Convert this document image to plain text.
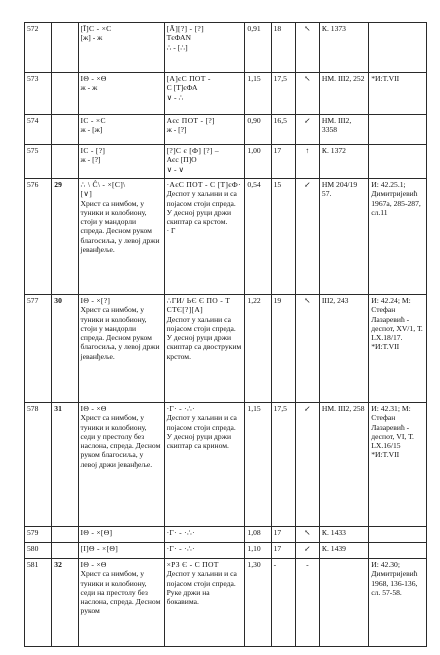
572		[Ī]C - ×C
[ж] - ж	[Ā][?] - [?]
ТєФАN
∴ - [∴]	0,91	18	↖	К. 1373	

573		IΘ - ×Θ
ж - ж	[А]єС ПОТ -
С [Т]єФА
∨ - ∴	1,15	17,5	↖	НМ. III2, 252	*И:T.VII

574		IC - ×C
ж - [ж]	Аєс ПОТ - [?]
ж - [?]	0,90	16,5	↙	НМ. III2, 3358	

575		IC - [?]
ж - [?]	[?]С є [Ф] [?] –
Аєс [П]О
∨ - ∨	1,00	17	↑	К. 1372	

576	29	∴ \ Ĉ\ - ×[C]\
[∨]
Христ са нимбом, у туники и колобиону, стоји у мандорли спреда. Десном руком благосиља, у левој држи јеванђеље.	·АєС ПОТ - С [Т]єФ·
Деспот у хаљини и са појасом стоји спреда. У десној руци држи скиптар са крстом.
· Г	0,54	15	↙	НМ 204/19 57.	И: 42.25.1; Димитријевић 1967а, 285-287, сл.11

577	30	IΘ - ×[?]
Христ са нимбом, у туники и колобиону, стоји у мандорли спреда. Десном руком благосиља, у левој држи јеванђеље.	∴ГИ/ ЬЄ Є ПО - Т СТЄ[?][А]
Деспот у хаљини са појасом стоји спреда. У десној руци држи скиптар са двоструким крстом.	1,22	19	↖	III2, 243	И: 42.24; М: Стефан Лазаревић - деспот, XV/1, Т. LX.18/17. *И:T.VII

578	31	IΘ - ×Θ
Христ са нимбом, у туники и колобиону, седи у престолу без наслона, спреда. Десном руком благосиља, у левој држи јеванђеље.	·Г· - ·∴·
Деспот у хаљини и са појасом стоји спреда. У десној руци држи скиптар са крином.	1,15	17,5	↙	НМ. III2, 258	И: 42.31; М: Стефан Лазаревић - деспот, VI, Т. LX.16/15 *И:T.VII

579		IΘ - ×[Θ]	·Г· - ·∴·	1,08	17	↖	К. 1433	

580		[I]Θ - ×[Θ]	·Г· - ·∴·	1,10	17	↙	К. 1439	

581	32	IΘ - ×Θ
Христ са нимбом, у туники и колобиону, седи на престолу без наслона, спреда. Десном руком	×РЗ Є - С ПОТ
Деспот у хаљини и са појасом стоји спреда. Руке држи на бокавима.	1,30	-	-		И: 42.30; Димитријевић 1968, 136-136, сл. 57-58.
